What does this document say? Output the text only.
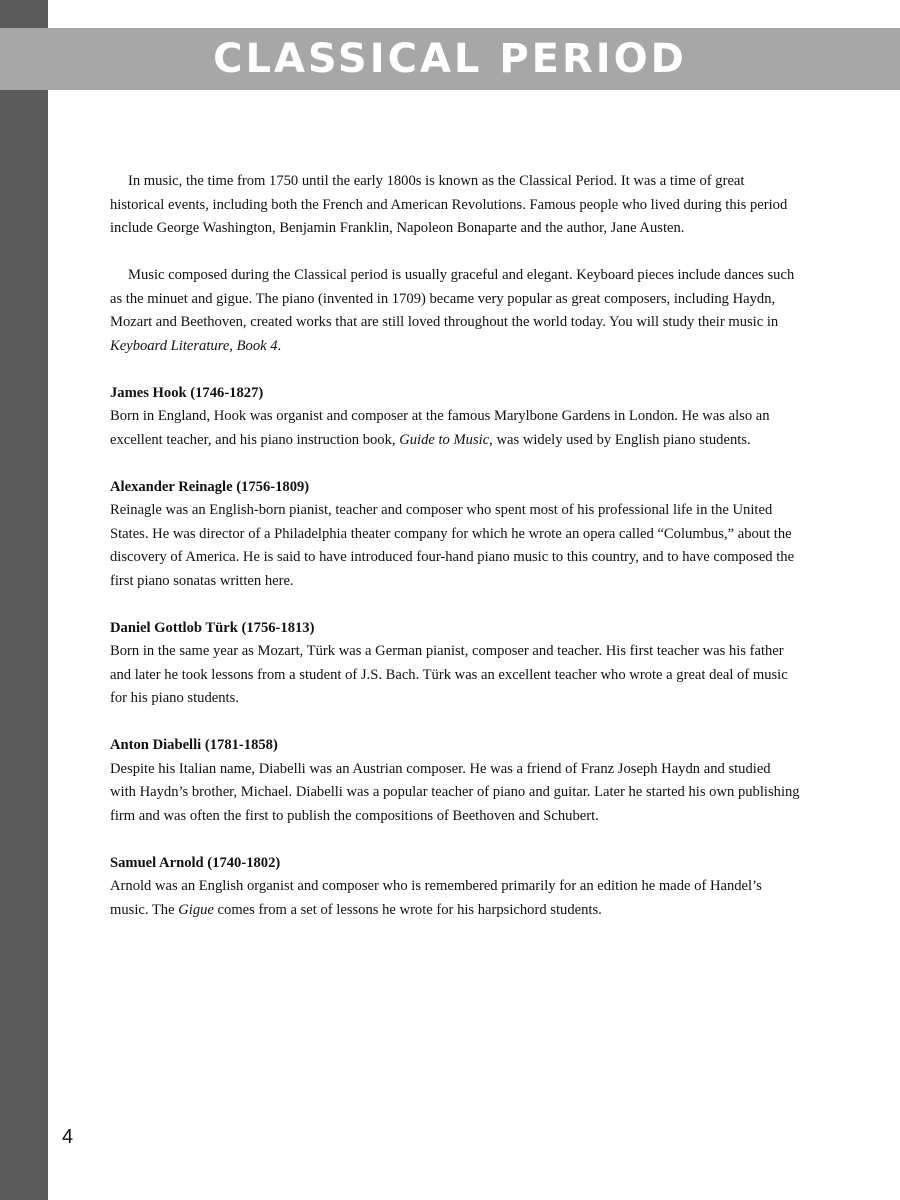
CLASSICAL PERIOD

In music, the time from 1750 until the early 1800s is known as the Classical Period. It was a time of great historical events, including both the French and American Revolutions. Famous people who lived during this period include George Washington, Benjamin Franklin, Napoleon Bonaparte and the author, Jane Austen.

Music composed during the Classical period is usually graceful and elegant. Keyboard pieces include dances such as the minuet and gigue. The piano (invented in 1709) became very popular as great composers, including Haydn, Mozart and Beethoven, created works that are still loved throughout the world today. You will study their music in Keyboard Literature, Book 4.

James Hook (1746-1827)

Born in England, Hook was organist and composer at the famous Marylbone Gardens in London. He was also an excellent teacher, and his piano instruction book, Guide to Music, was widely used by English piano students.

Alexander Reinagle (1756-1809)

Reinagle was an English-born pianist, teacher and composer who spent most of his professional life in the United States. He was director of a Philadelphia theater company for which he wrote an opera called “Columbus,” about the discovery of America. He is said to have introduced four-hand piano music to this country, and to have composed the first piano sonatas written here.

Daniel Gottlob Türk (1756-1813)

Born in the same year as Mozart, Türk was a German pianist, composer and teacher. His first teacher was his father and later he took lessons from a student of J.S. Bach. Türk was an excellent teacher who wrote a great deal of music for his piano students.

Anton Diabelli (1781-1858)

Despite his Italian name, Diabelli was an Austrian composer. He was a friend of Franz Joseph Haydn and studied with Haydn’s brother, Michael. Diabelli was a popular teacher of piano and guitar. Later he started his own publishing firm and was often the first to publish the compositions of Beethoven and Schubert.

Samuel Arnold (1740-1802)

Arnold was an English organist and composer who is remembered primarily for an edition he made of Handel’s music. The Gigue comes from a set of lessons he wrote for his harpsichord students.

4
